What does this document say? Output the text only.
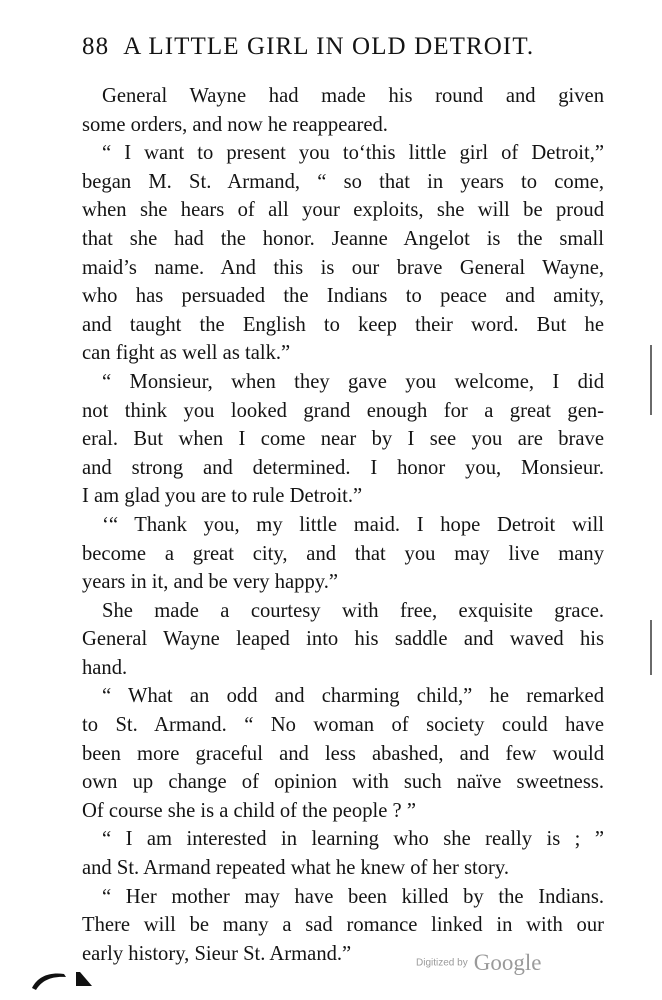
88 A LITTLE GIRL IN OLD DETROIT.
General Wayne had made his round and given
some orders, and now he reappeared.
“ I want to present you to‘this little girl of Detroit,”
began M. St. Armand, “ so that in years to come,
when she hears of all your exploits, she will be proud
that she had the honor. Jeanne Angelot is the small
maid’s name. And this is our brave General Wayne,
who has persuaded the Indians to peace and amity,
and taught the English to keep their word. But he
can fight as well as talk.”
“ Monsieur, when they gave you welcome, I did
not think you looked grand enough for a great gen-
eral. But when I come near by I see you are brave
and strong and determined. I honor you, Monsieur.
I am glad you are to rule Detroit.”
‘“ Thank you, my little maid. I hope Detroit will
become a great city, and that you may live many
years in it, and be very happy.”
She made a courtesy with free, exquisite grace.
General Wayne leaped into his saddle and waved his
hand.
“ What an odd and charming child,” he remarked
to St. Armand. “ No woman of society could have
been more graceful and less abashed, and few would
own up change of opinion with such naïve sweetness.
Of course she is a child of the people ? ”
“ I am interested in learning who she really is ; ”
and St. Armand repeated what he knew of her story.
“ Her mother may have been killed by the Indians.
There will be many a sad romance linked in with our
early history, Sieur St. Armand.”	Digitized by Google
